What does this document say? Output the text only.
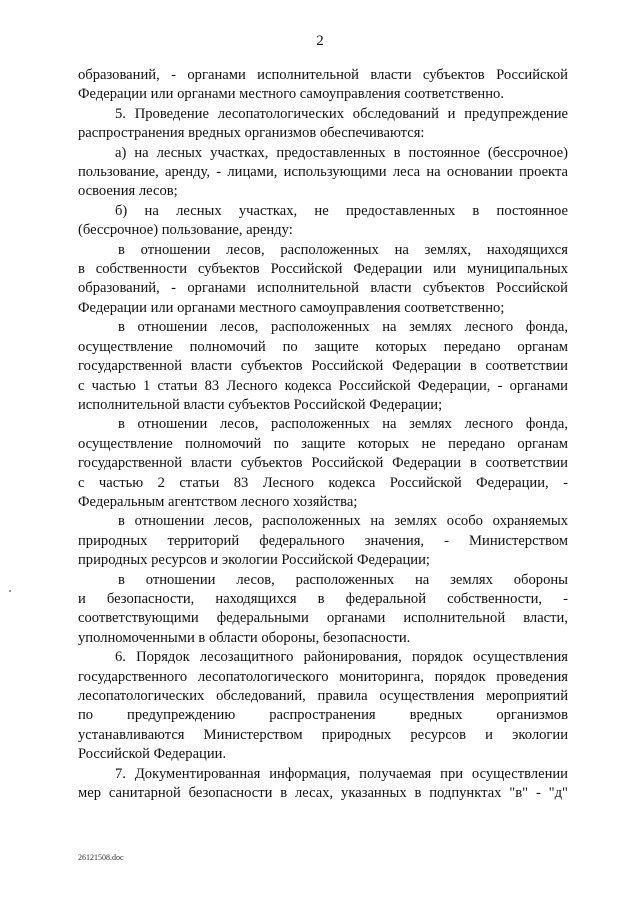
2
образований, - органами исполнительной власти субъектов Российской
Федерации или органами местного самоуправления соответственно.
5. Проведение лесопатологических обследований и предупреждение
распространения вредных организмов обеспечиваются:
а) на лесных участках, предоставленных в постоянное (бессрочное)
пользование, аренду, - лицами, использующими леса на основании проекта
освоения лесов;
б) на лесных участках, не предоставленных в постоянное
(бессрочное) пользование, аренду:
в отношении лесов, расположенных на землях, находящихся
в собственности субъектов Российской Федерации или муниципальных
образований, - органами исполнительной власти субъектов Российской
Федерации или органами местного самоуправления соответственно;
в отношении лесов, расположенных на землях лесного фонда,
осуществление полномочий по защите которых передано органам
государственной власти субъектов Российской Федерации в соответствии
с частью 1 статьи 83 Лесного кодекса Российской Федерации, - органами
исполнительной власти субъектов Российской Федерации;
в отношении лесов, расположенных на землях лесного фонда,
осуществление полномочий по защите которых не передано органам
государственной власти субъектов Российской Федерации в соответствии
с частью 2 статьи 83 Лесного кодекса Российской Федерации, -
Федеральным агентством лесного хозяйства;
в отношении лесов, расположенных на землях особо охраняемых
природных территорий федерального значения, - Министерством
природных ресурсов и экологии Российской Федерации;
в отношении лесов, расположенных на землях обороны
и безопасности, находящихся в федеральной собственности, -
соответствующими федеральными органами исполнительной власти,
уполномоченными в области обороны, безопасности.
6. Порядок лесозащитного районирования, порядок осуществления
государственного лесопатологического мониторинга, порядок проведения
лесопатологических обследований, правила осуществления мероприятий
по предупреждению распространения вредных организмов
устанавливаются Министерством природных ресурсов и экологии
Российской Федерации.
7. Документированная информация, получаемая при осуществлении
мер санитарной безопасности в лесах, указанных в подпунктах "в" - "д"
26121508.doc
